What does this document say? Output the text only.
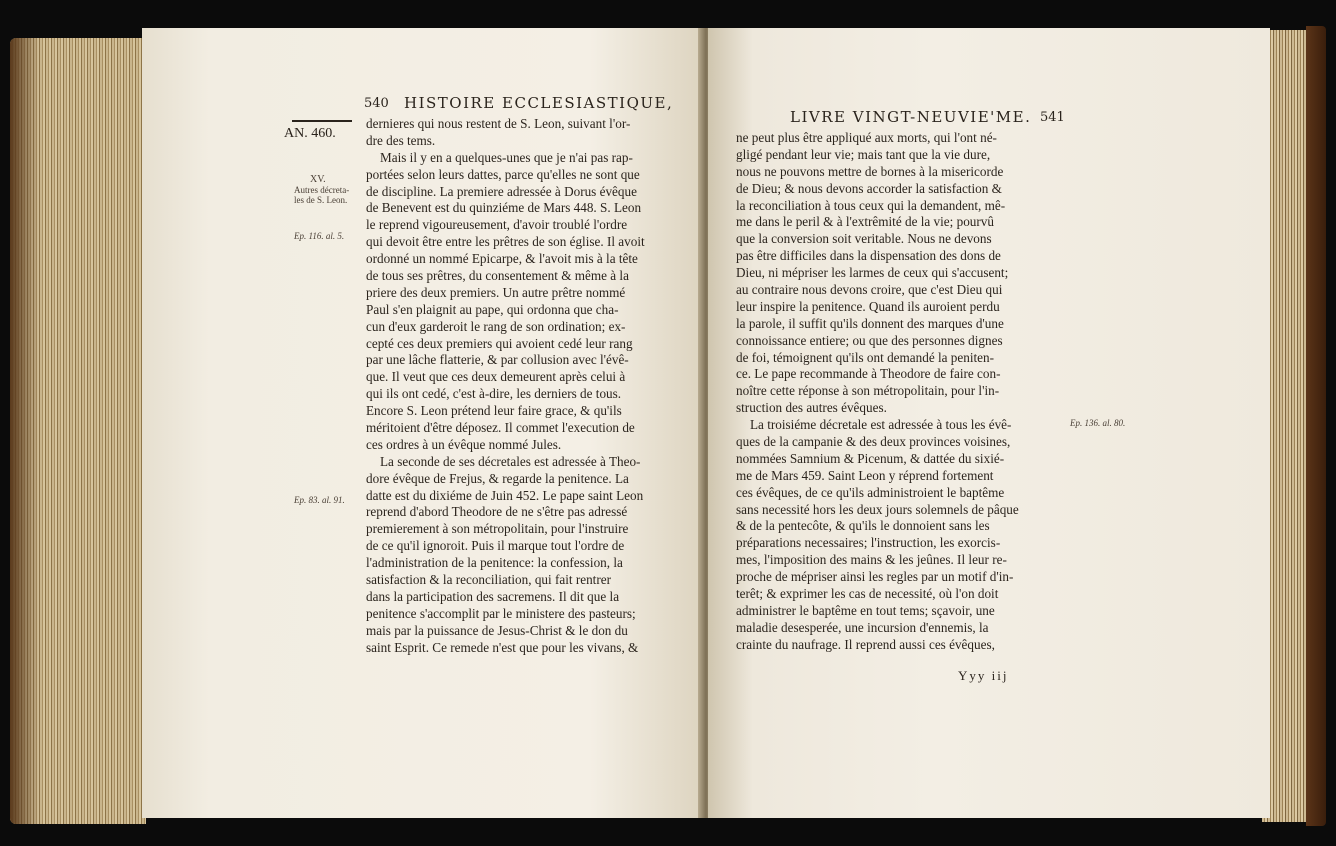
540 HISTOIRE ECCLESIASTIQUE,
AN. 460.
XV.
Autres décreta-
les de S. Leon.
Ep. 116. al. 5.
Ep. 83. al. 91.
dernieres qui nous restent de S. Leon, suivant l'or-
dre des tems.
Mais il y en a quelques-unes que je n'ai pas rap-
portées selon leurs dattes, parce qu'elles ne sont que
de discipline. La premiere adressée à Dorus évêque
de Benevent est du quinziéme de Mars 448. S. Leon
le reprend vigoureusement, d'avoir troublé l'ordre
qui devoit être entre les prêtres de son église. Il avoit
ordonné un nommé Epicarpe, & l'avoit mis à la tête
de tous ses prêtres, du consentement & même à la
priere des deux premiers. Un autre prêtre nommé
Paul s'en plaignit au pape, qui ordonna que cha-
cun d'eux garderoit le rang de son ordination; ex-
cepté ces deux premiers qui avoient cedé leur rang
par une lâche flatterie, & par collusion avec l'évê-
que. Il veut que ces deux demeurent après celui à
qui ils ont cedé, c'est à-dire, les derniers de tous.
Encore S. Leon prétend leur faire grace, & qu'ils
méritoient d'être déposez. Il commet l'execution de
ces ordres à un évêque nommé Jules.
La seconde de ses décretales est adressée à Theo-
dore évêque de Frejus, & regarde la penitence. La
datte est du dixiéme de Juin 452. Le pape saint Leon
reprend d'abord Theodore de ne s'être pas adressé
premierement à son métropolitain, pour l'instruire
de ce qu'il ignoroit. Puis il marque tout l'ordre de
l'administration de la penitence: la confession, la
satisfaction & la reconciliation, qui fait rentrer
dans la participation des sacremens. Il dit que la
penitence s'accomplit par le ministere des pasteurs;
mais par la puissance de Jesus-Christ & le don du
saint Esprit. Ce remede n'est que pour les vivans, &
LIVRE VINGT-NEUVIE'ME. 541
ne peut plus être appliqué aux morts, qui l'ont né-
gligé pendant leur vie; mais tant que la vie dure,
nous ne pouvons mettre de bornes à la misericorde
de Dieu; & nous devons accorder la satisfaction &
la reconciliation à tous ceux qui la demandent, mê-
me dans le peril & à l'extrêmité de la vie; pourvû
que la conversion soit veritable. Nous ne devons
pas être difficiles dans la dispensation des dons de
Dieu, ni mépriser les larmes de ceux qui s'accusent;
au contraire nous devons croire, que c'est Dieu qui
leur inspire la penitence. Quand ils auroient perdu
la parole, il suffit qu'ils donnent des marques d'une
connoissance entiere; ou que des personnes dignes
de foi, témoignent qu'ils ont demandé la peniten-
ce. Le pape recommande à Theodore de faire con-
noître cette réponse à son métropolitain, pour l'in-
struction des autres évêques.
La troisiéme décretale est adressée à tous les évê-
ques de la campanie & des deux provinces voisines,
nommées Samnium & Picenum, & dattée du sixié-
me de Mars 459. Saint Leon y réprend fortement
ces évêques, de ce qu'ils administroient le baptême
sans necessité hors les deux jours solemnels de pâque
& de la pentecôte, & qu'ils le donnoient sans les
préparations necessaires; l'instruction, les exorcis-
mes, l'imposition des mains & les jeûnes. Il leur re-
proche de mépriser ainsi les regles par un motif d'in-
terêt; & exprimer les cas de necessité, où l'on doit
administrer le baptême en tout tems; sçavoir, une
maladie desesperée, une incursion d'ennemis, la
crainte du naufrage. Il reprend aussi ces évêques,
Ep. 136. al. 80.
Yyy iij
